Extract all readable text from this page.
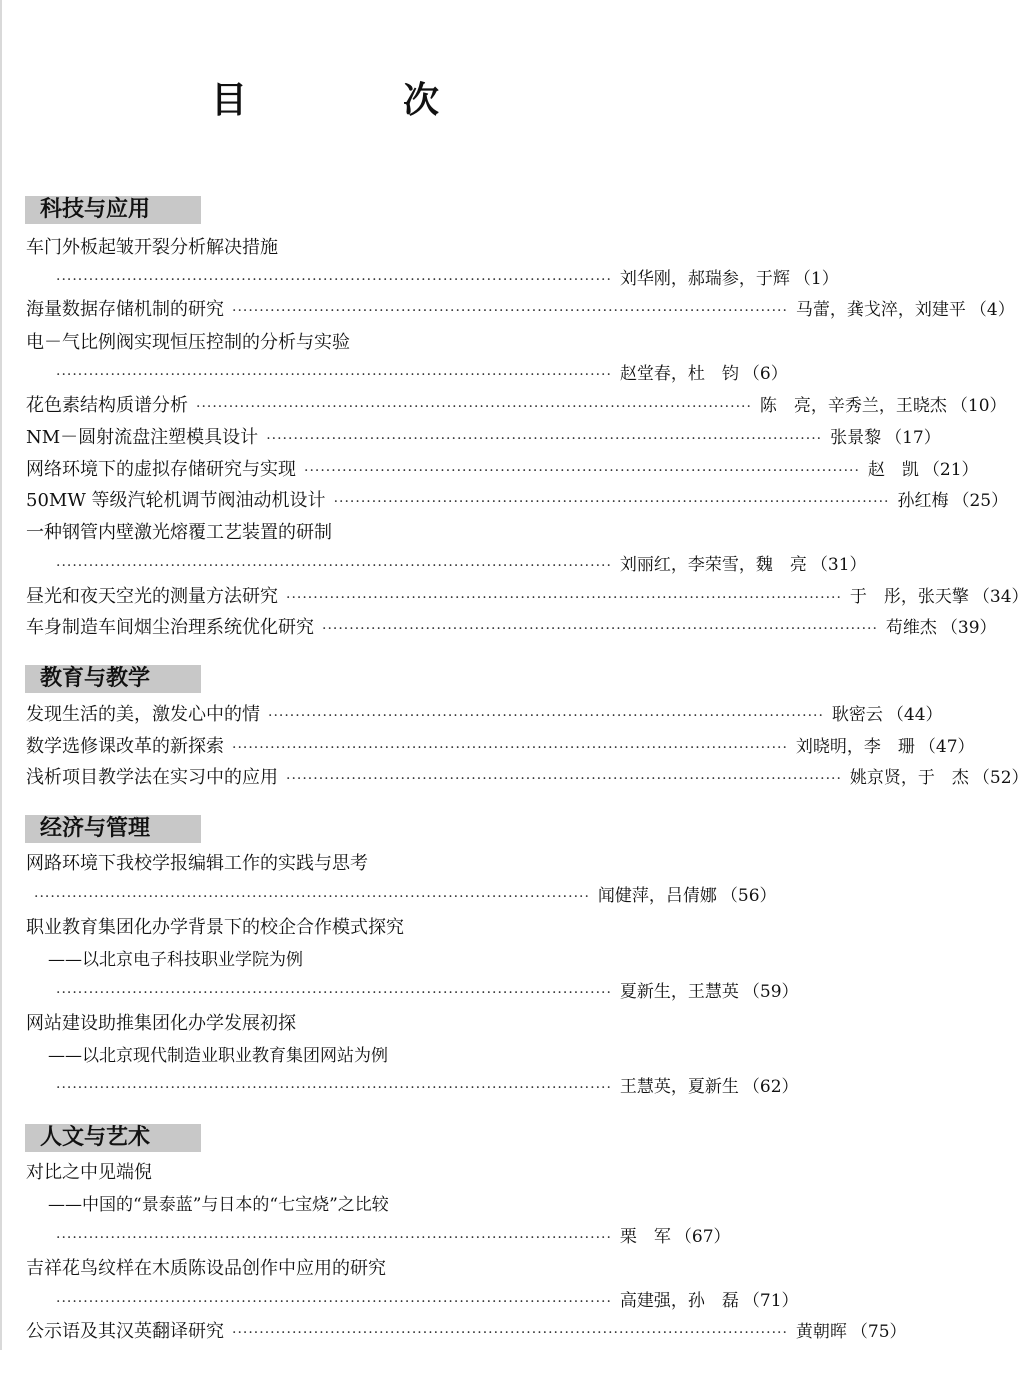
目　次
科技与应用
车门外板起皱开裂分析解决措施
······································································································ 刘华刚，郝瑞参，于辉 （1）
海量数据存储机制的研究 ······································································································ 马蕾，龚戈淬，刘建平 （4）
电－气比例阀实现恒压控制的分析与实验
······································································································ 赵堂春，杜　钧 （6）
花色素结构质谱分析 ······································································································ 陈　亮，辛秀兰，王晓杰 （10）
NM－圆射流盘注塑模具设计 ······································································································ 张景黎 （17）
网络环境下的虚拟存储研究与实现 ······································································································ 赵　凯 （21）
50MW 等级汽轮机调节阀油动机设计 ······································································································ 孙红梅 （25）
一种钢管内壁激光熔覆工艺装置的研制
······································································································ 刘丽红，李荣雪，魏　亮 （31）
昼光和夜天空光的测量方法研究 ······································································································ 于　彤，张天擎 （34）
车身制造车间烟尘治理系统优化研究 ······································································································ 苟维杰 （39）
教育与教学
发现生活的美，激发心中的情 ······································································································ 耿密云 （44）
数学选修课改革的新探索 ······································································································ 刘晓明，李　珊 （47）
浅析项目教学法在实习中的应用 ······································································································ 姚京贤，于　杰 （52）
经济与管理
网路环境下我校学报编辑工作的实践与思考
······································································································ 闻健萍，吕倩娜 （56）
职业教育集团化办学背景下的校企合作模式探究
——以北京电子科技职业学院为例
······································································································ 夏新生，王慧英 （59）
网站建设助推集团化办学发展初探
——以北京现代制造业职业教育集团网站为例
······································································································ 王慧英，夏新生 （62）
人文与艺术
对比之中见端倪
——中国的“景泰蓝”与日本的“七宝烧”之比较
······································································································ 栗　军 （67）
吉祥花鸟纹样在木质陈设品创作中应用的研究
······································································································ 高建强，孙　磊 （71）
公示语及其汉英翻译研究 ······································································································ 黄朝晖 （75）
